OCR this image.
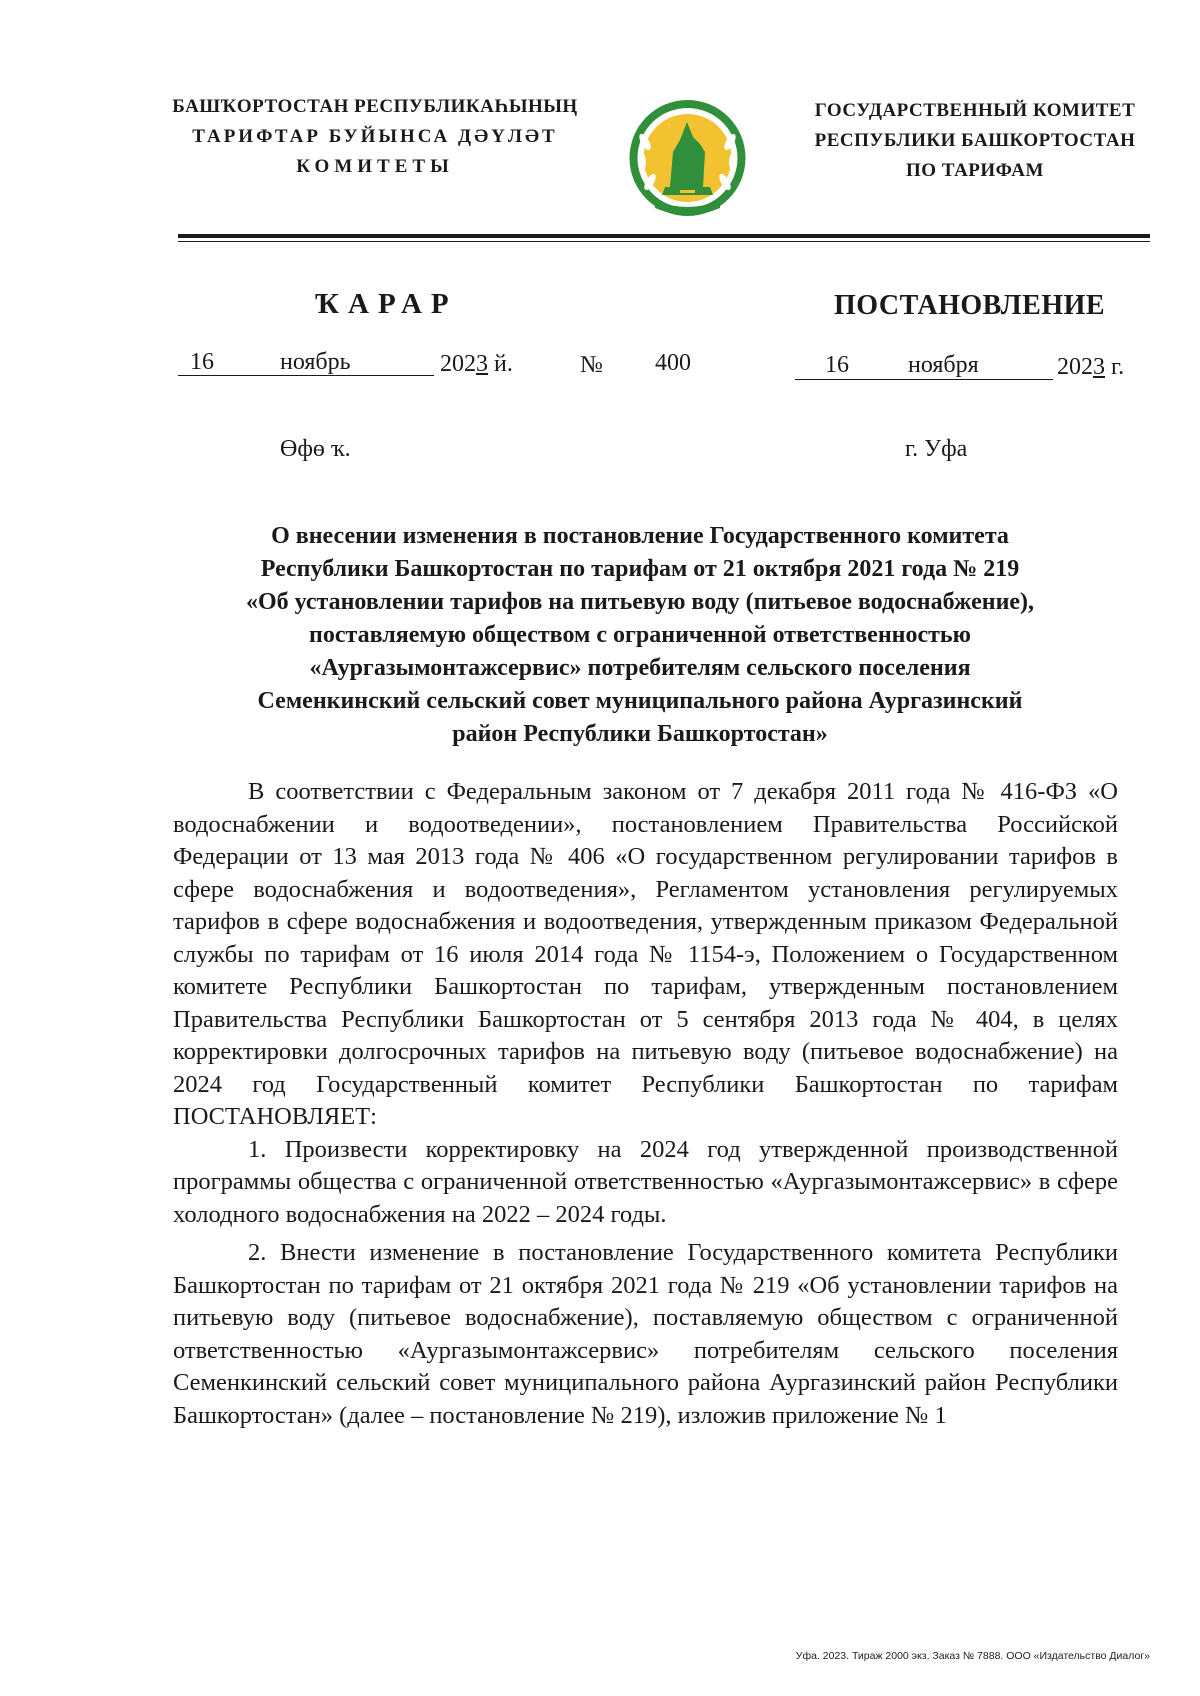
БАШҠОРТОСТАН РЕСПУБЛИКАҺЫНЫҢ
ТАРИФТАР БУЙЫНСА ДӘҮЛӘТ
КОМИТЕТЫ
ГОСУДАРСТВЕННЫЙ КОМИТЕТ
РЕСПУБЛИКИ БАШКОРТОСТАН
ПО ТАРИФАМ
ҠАРАР	ПОСТАНОВЛЕНИЕ
16	ноябрь	2023 й.	№ 400	16 ноября	2023 г.
Өфө ҡ.	г. Уфа
О внесении изменения в постановление Государственного комитета
Республики Башкортостан по тарифам от 21 октября 2021 года № 219
«Об установлении тарифов на питьевую воду (питьевое водоснабжение),
поставляемую обществом с ограниченной ответственностью
«Аургазымонтажсервис» потребителям сельского поселения
Семенкинский сельский совет муниципального района Аургазинский
район Республики Башкортостан»

В соответствии с Федеральным законом от 7 декабря 2011 года № 416-ФЗ «О водоснабжении и водоотведении», постановлением Правительства Российской Федерации от 13 мая 2013 года № 406 «О государственном регулировании тарифов в сфере водоснабжения и водоотведения», Регламентом установления регулируемых тарифов в сфере водоснабжения и водоотведения, утвержденным приказом Федеральной службы по тарифам от 16 июля 2014 года № 1154-э, Положением о Государственном комитете Республики Башкортостан по тарифам, утвержденным постановлением Правительства Республики Башкортостан от 5 сентября 2013 года № 404, в целях корректировки долгосрочных тарифов на питьевую воду (питьевое водоснабжение) на 2024 год Государственный комитет Республики Башкортостан по тарифам ПОСТАНОВЛЯЕТ:

1. Произвести корректировку на 2024 год утвержденной производственной программы общества с ограниченной ответственностью «Аургазымонтажсервис» в сфере холодного водоснабжения на 2022 – 2024 годы.

2. Внести изменение в постановление Государственного комитета Республики Башкортостан по тарифам от 21 октября 2021 года № 219 «Об установлении тарифов на питьевую воду (питьевое водоснабжение), поставляемую обществом с ограниченной ответственностью «Аургазымонтажсервис» потребителям сельского поселения Семенкинский сельский совет муниципального района Аургазинский район Республики Башкортостан» (далее – постановление № 219), изложив приложение № 1

Уфа. 2023. Тираж 2000 экз. Заказ № 7888. ООО «Издательство Диалог»
